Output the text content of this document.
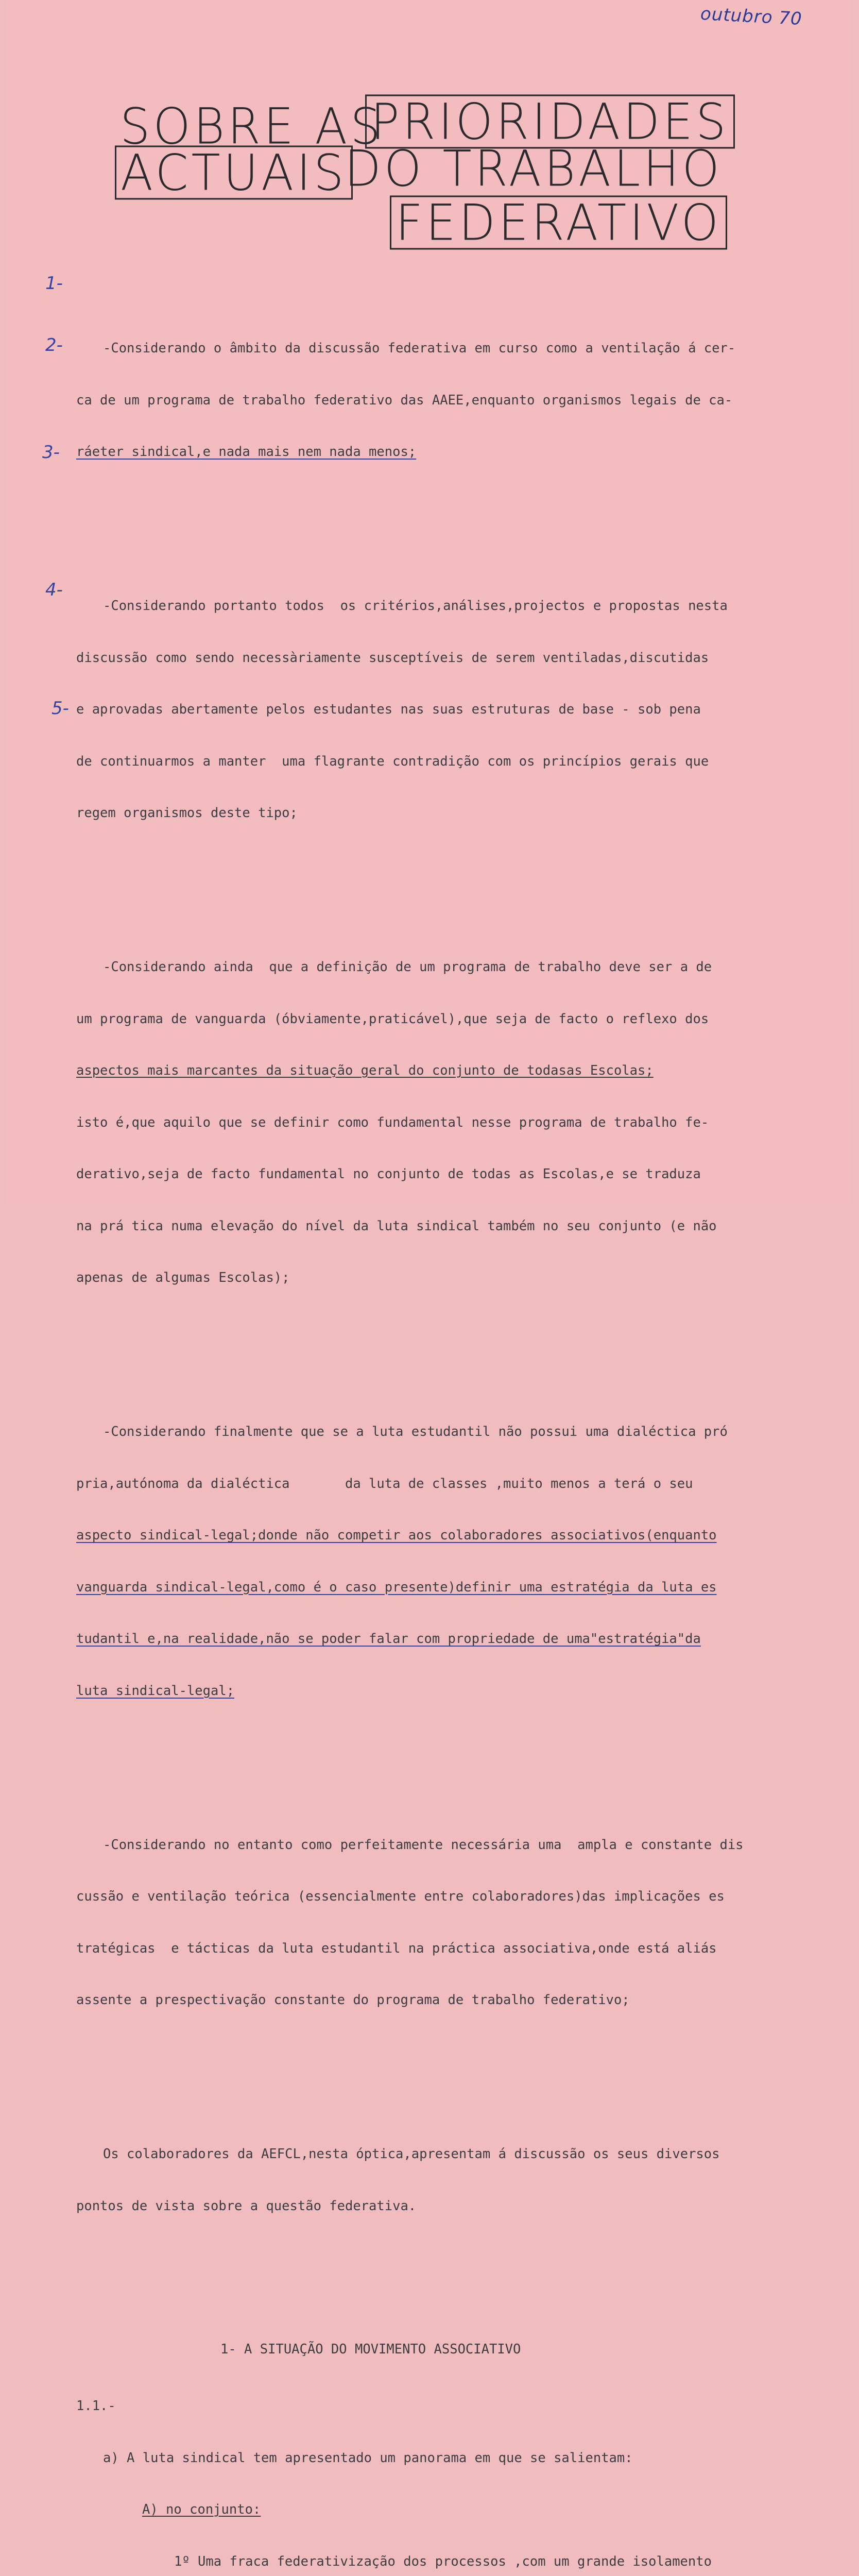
outubro 70
SOBRE AS
PRIORIDADES
ACTUAIS
DO TRABALHO
FEDERATIVO
1-
2-
3-
4-
5-

-Considerando o âmbito da discussão federativa em curso como a ventilação á cer-

ca de um programa de trabalho federativo das AAEE,enquanto organismos legais de ca-

ráeter sindical,e nada mais nem nada menos;

-Considerando portanto todos  os critérios,análises,projectos e propostas nesta

discussão como sendo necessàriamente susceptíveis de serem ventiladas,discutidas

e aprovadas abertamente pelos estudantes nas suas estruturas de base - sob pena

de continuarmos a manter  uma flagrante contradição com os princípios gerais que

regem organismos deste tipo;

-Considerando ainda  que a definição de um programa de trabalho deve ser a de

um programa de vanguarda (óbviamente,praticável),que seja de facto o reflexo dos

aspectos mais marcantes da situação geral do conjunto de todasas Escolas;

isto é,que aquilo que se definir como fundamental nesse programa de trabalho fe-

derativo,seja de facto fundamental no conjunto de todas as Escolas,e se traduza

na prá tica numa elevação do nível da luta sindical também no seu conjunto (e não

apenas de algumas Escolas);

-Considerando finalmente que se a luta estudantil não possui uma dialéctica pró

pria,autónoma da dialéctica       da luta de classes ,muito menos a terá o seu

aspecto sindical-legal;donde não competir aos colaboradores associativos(enquanto

vanguarda sindical-legal,como é o caso presente)definir uma estratégia da luta es

tudantil e,na realidade,não se poder falar com propriedade de uma"estratégia"da

luta sindical-legal;

-Considerando no entanto como perfeitamente necessária uma  ampla e constante dis

cussão e ventilação teórica (essencialmente entre colaboradores)das implicações es

tratégicas  e tácticas da luta estudantil na práctica associativa,onde está aliás

assente a prespectivação constante do programa de trabalho federativo;

Os colaboradores da AEFCL,nesta óptica,apresentam á discussão os seus diversos

pontos de vista sobre a questão federativa.

1- A SITUAÇÃO DO MOVIMENTO ASSOCIATIVO

1.1.-

a) A luta sindical tem apresentado um panorama em que se salientam:

A) no conjunto:

1º Uma fraca federativização dos processos ,com um grande isolamento
